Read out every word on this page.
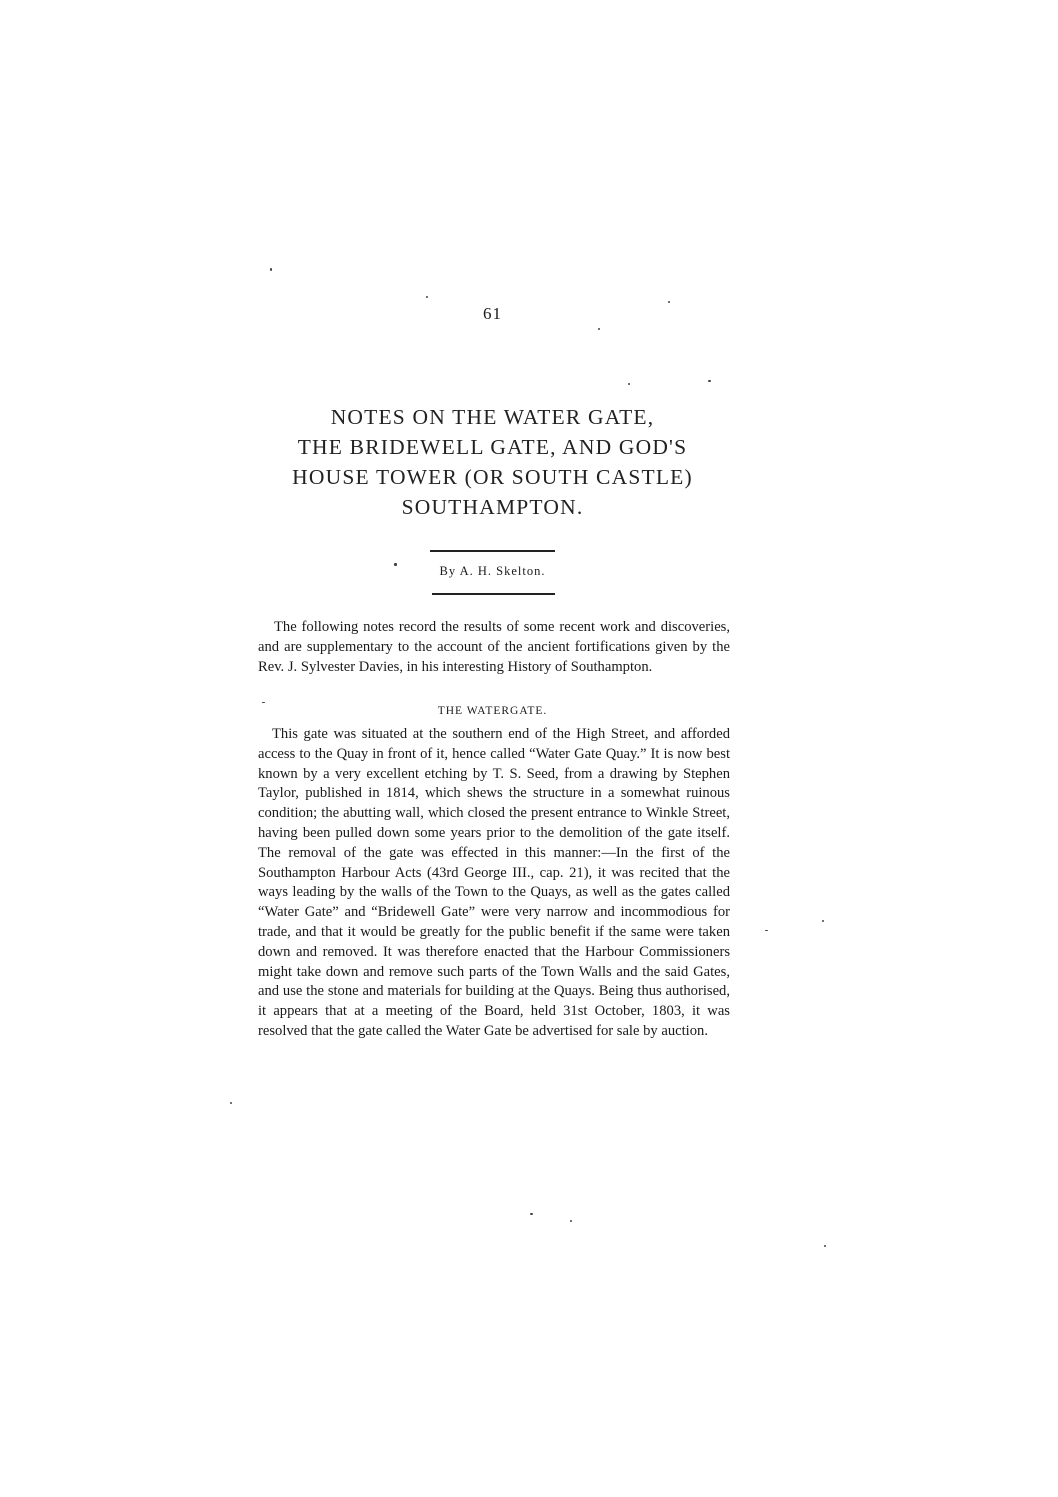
61
NOTES ON THE WATER GATE,
THE BRIDEWELL GATE, AND GOD'S
HOUSE TOWER (OR SOUTH CASTLE)
SOUTHAMPTON.
By A. H. Skelton.

The following notes record the results of some recent work and discoveries, and are supplementary to the account of the ancient fortifications given by the Rev. J. Sylvester Davies, in his interesting History of Southampton.

THE WATERGATE.

This gate was situated at the southern end of the High Street, and afforded access to the Quay in front of it, hence called “Water Gate Quay.” It is now best known by a very excellent etching by T. S. Seed, from a drawing by Stephen Taylor, published in 1814, which shews the structure in a somewhat ruinous condition; the abutting wall, which closed the present entrance to Winkle Street, having been pulled down some years prior to the demolition of the gate itself. The removal of the gate was effected in this manner:—In the first of the Southampton Harbour Acts (43rd George III., cap. 21), it was recited that the ways leading by the walls of the Town to the Quays, as well as the gates called “Water Gate” and “Bridewell Gate” were very narrow and incommodious for trade, and that it would be greatly for the public benefit if the same were taken down and removed. It was therefore enacted that the Harbour Commissioners might take down and remove such parts of the Town Walls and the said Gates, and use the stone and materials for building at the Quays. Being thus authorised, it appears that at a meeting of the Board, held 31st October, 1803, it was resolved that the gate called the Water Gate be advertised for sale by auction.
